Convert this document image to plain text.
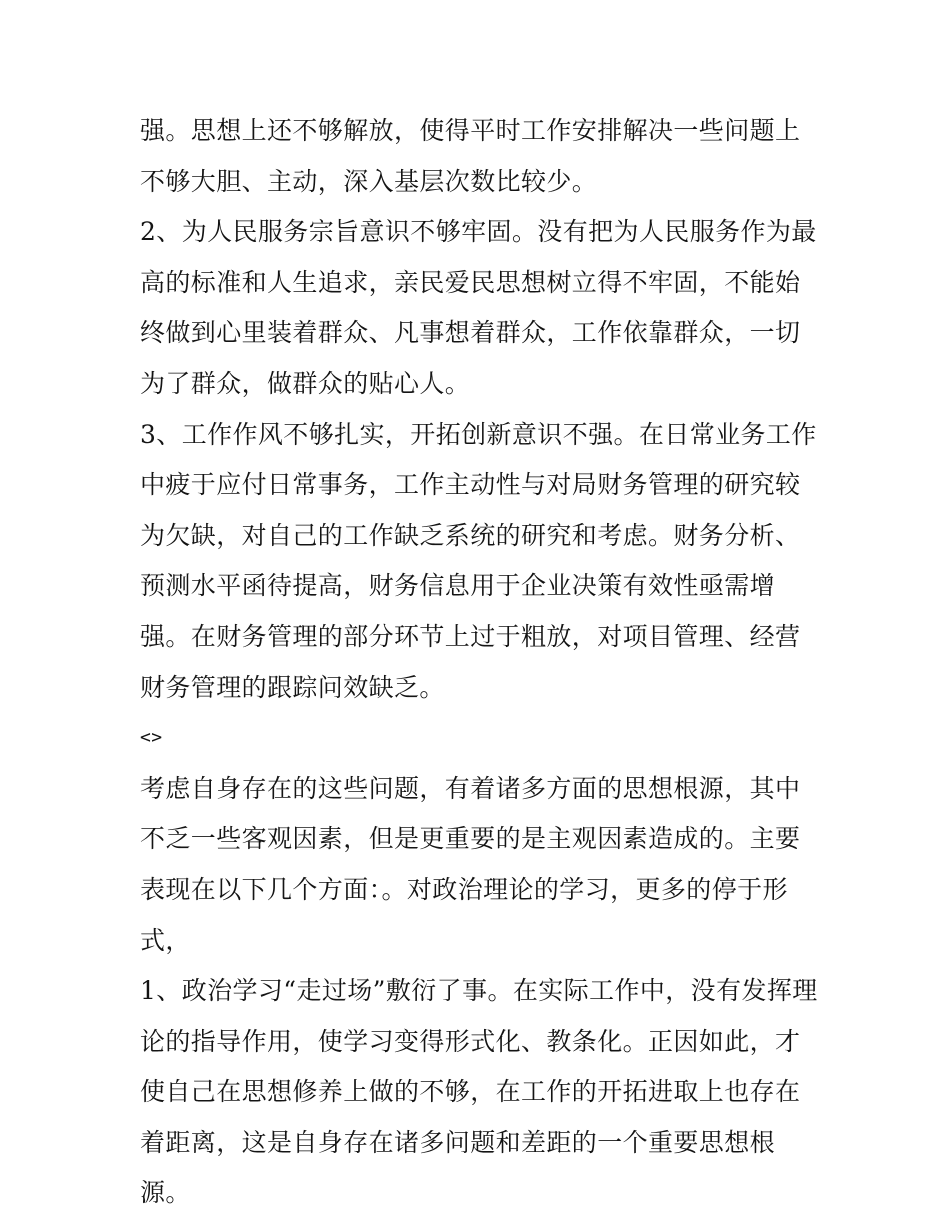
强。思想上还不够解放，使得平时工作安排解决一些问题上不够大胆、主动，深入基层次数比较少。

2、为人民服务宗旨意识不够牢固。没有把为人民服务作为最高的标准和人生追求，亲民爱民思想树立得不牢固，不能始终做到心里装着群众、凡事想着群众，工作依靠群众，一切为了群众，做群众的贴心人。

3、工作作风不够扎实，开拓创新意识不强。在日常业务工作中疲于应付日常事务，工作主动性与对局财务管理的研究较为欠缺，对自己的工作缺乏系统的研究和考虑。财务分析、预测水平函待提高，财务信息用于企业决策有效性亟需增强。在财务管理的部分环节上过于粗放，对项目管理、经营财务管理的跟踪问效缺乏。

<>

考虑自身存在的这些问题，有着诸多方面的思想根源，其中不乏一些客观因素，但是更重要的是主观因素造成的。主要表现在以下几个方面：。对政治理论的学习，更多的停于形式，

1、政治学习“走过场”敷衍了事。在实际工作中，没有发挥理论的指导作用，使学习变得形式化、教条化。正因如此，才使自己在思想修养上做的不够，在工作的开拓进取上也存在着距离，这是自身存在诸多问题和差距的一个重要思想根源。
